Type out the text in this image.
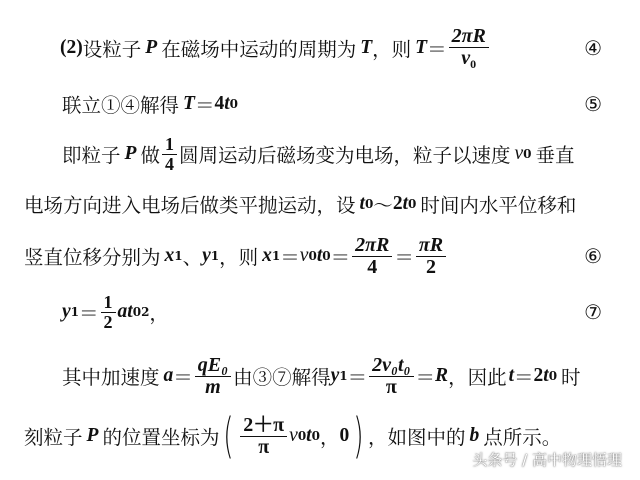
(2) 设粒子 P 在磁场中运动的周期为 T ，则 $T = \frac{2\pi R}{v_0}$	④
联立①④解得 T ＝ 4 t 0	⑤
即粒子 P 做 $\frac{1}{4}$ 圆周运动后磁场变为电场，粒子以速度 v 0 垂直
电场方向进入电场后做类平抛运动，设 t 0 ～ 2 t 0 时间内水平位移和
竖直位移分别为 x 1 、 y 1 ，则 x 1 ＝ v 0 t $0 = \frac{2\pi R}{4} = \frac{\pi R}{2}$	⑥
y $1 = \frac{1}{2}$ a t 0 2 ，	⑦
其中加速度 $a = \frac{\text{qE₀}}{m}$ 由③⑦解得 y $1 = \frac{\text{2v₀t₀}}{\pi} = R$ ，因此 t ＝ 2 t 0 时
刻粒子 P 的位置坐标为 ( $\frac{2+\pi}{\pi}$ v 0 t 0 ， 0 ) ，如图中的 b 点所示。
头条号 / 高中物理悟理
